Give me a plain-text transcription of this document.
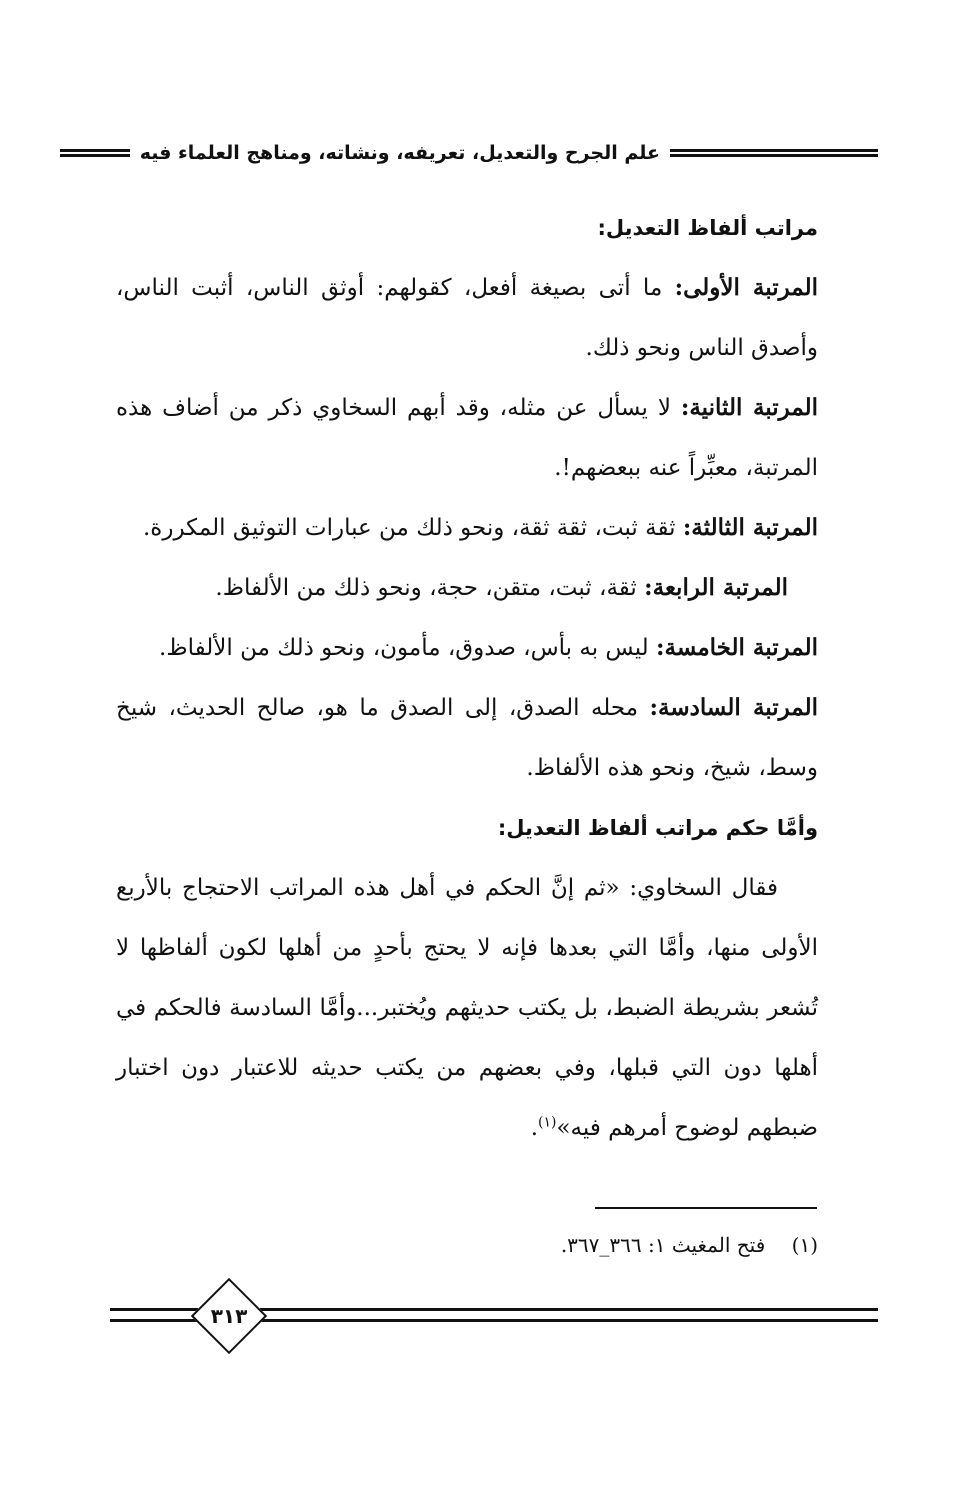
علم الجرح والتعديل، تعريفه، ونشاته، ومناهج العلماء فيه

مراتب ألفاظ التعديل:

المرتبة الأولى: ما أتى بصيغة أفعل، كقولهم: أوثق الناس، أثبت الناس، وأصدق الناس ونحو ذلك.

المرتبة الثانية: لا يسأل عن مثله، وقد أبهم السخاوي ذكر من أضاف هذه المرتبة، معبِّراً عنه ببعضهم!.

المرتبة الثالثة: ثقة ثبت، ثقة ثقة، ونحو ذلك من عبارات التوثيق المكررة.

المرتبة الرابعة: ثقة، ثبت، متقن، حجة، ونحو ذلك من الألفاظ.

المرتبة الخامسة: ليس به بأس، صدوق، مأمون، ونحو ذلك من الألفاظ.

المرتبة السادسة: محله الصدق، إلى الصدق ما هو، صالح الحديث، شيخ وسط، شيخ، ونحو هذه الألفاظ.

وأمَّا حكم مراتب ألفاظ التعديل:

فقال السخاوي: «ثم إنَّ الحكم في أهل هذه المراتب الاحتجاج بالأربع الأولى منها، وأمَّا التي بعدها فإنه لا يحتج بأحدٍ من أهلها لكون ألفاظها لا تُشعر بشريطة الضبط، بل يكتب حديثهم ويُختبر...وأمَّا السادسة فالحكم في أهلها دون التي قبلها، وفي بعضهم من يكتب حديثه للاعتبار دون اختبار ضبطهم لوضوح أمرهم فيه»$^{(١)}$.

(١) فتح المغيث ١: ٣٦٦_٣٦٧.
٣١٣
